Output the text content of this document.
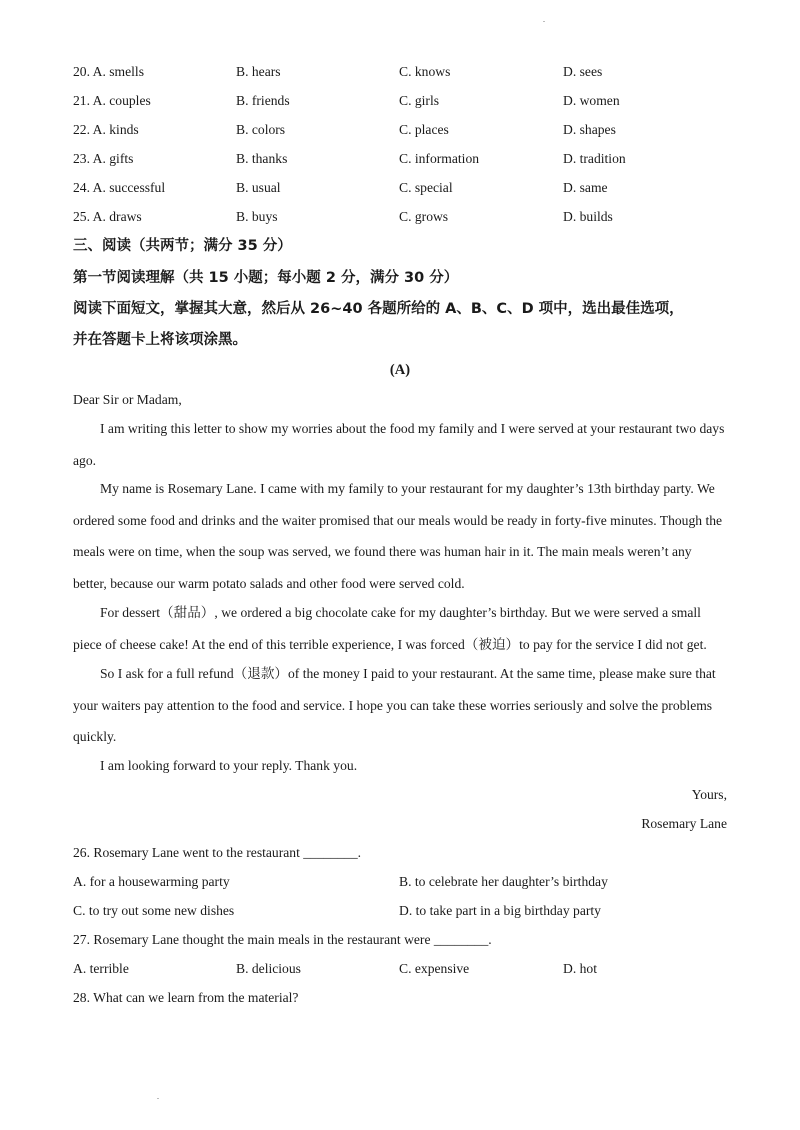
20. A. smells	B. hears	C. knows	D. sees
21. A. couples	B. friends	C. girls	D. women
22. A. kinds	B. colors	C. places	D. shapes
23. A. gifts	B. thanks	C. information	D. tradition
24. A. successful	B. usual	C. special	D. same
25. A. draws	B. buys	C. grows	D. builds
三、阅读（共两节；满分 35 分）
第一节阅读理解（共 15 小题；每小题 2 分，满分 30 分）
阅读下面短文，掌握其大意，然后从 26~40 各题所给的 A、B、C、D 项中，选出最佳选项，
并在答题卡上将该项涂黑。
(A)
Dear Sir or Madam,
I am writing this letter to show my worries about the food my family and I were served at your restaurant two days ago.
My name is Rosemary Lane. I came with my family to your restaurant for my daughter’s 13th birthday party. We ordered some food and drinks and the waiter promised that our meals would be ready in forty-five minutes. Though the meals were on time, when the soup was served, we found there was human hair in it. The main meals weren’t any better, because our warm potato salads and other food were served cold.
For dessert（甜品）, we ordered a big chocolate cake for my daughter’s birthday. But we were served a small piece of cheese cake! At the end of this terrible experience, I was forced（被迫）to pay for the service I did not get.
So I ask for a full refund（退款）of the money I paid to your restaurant. At the same time, please make sure that your waiters pay attention to the food and service. I hope you can take these worries seriously and solve the problems quickly.
I am looking forward to your reply. Thank you.
Yours,
Rosemary Lane
26. Rosemary Lane went to the restaurant ________.
A. for a housewarming party	B. to celebrate her daughter’s birthday
C. to try out some new dishes	D. to take part in a big birthday party
27. Rosemary Lane thought the main meals in the restaurant were ________.
A. terrible	B. delicious	C. expensive	D. hot
28. What can we learn from the material?
